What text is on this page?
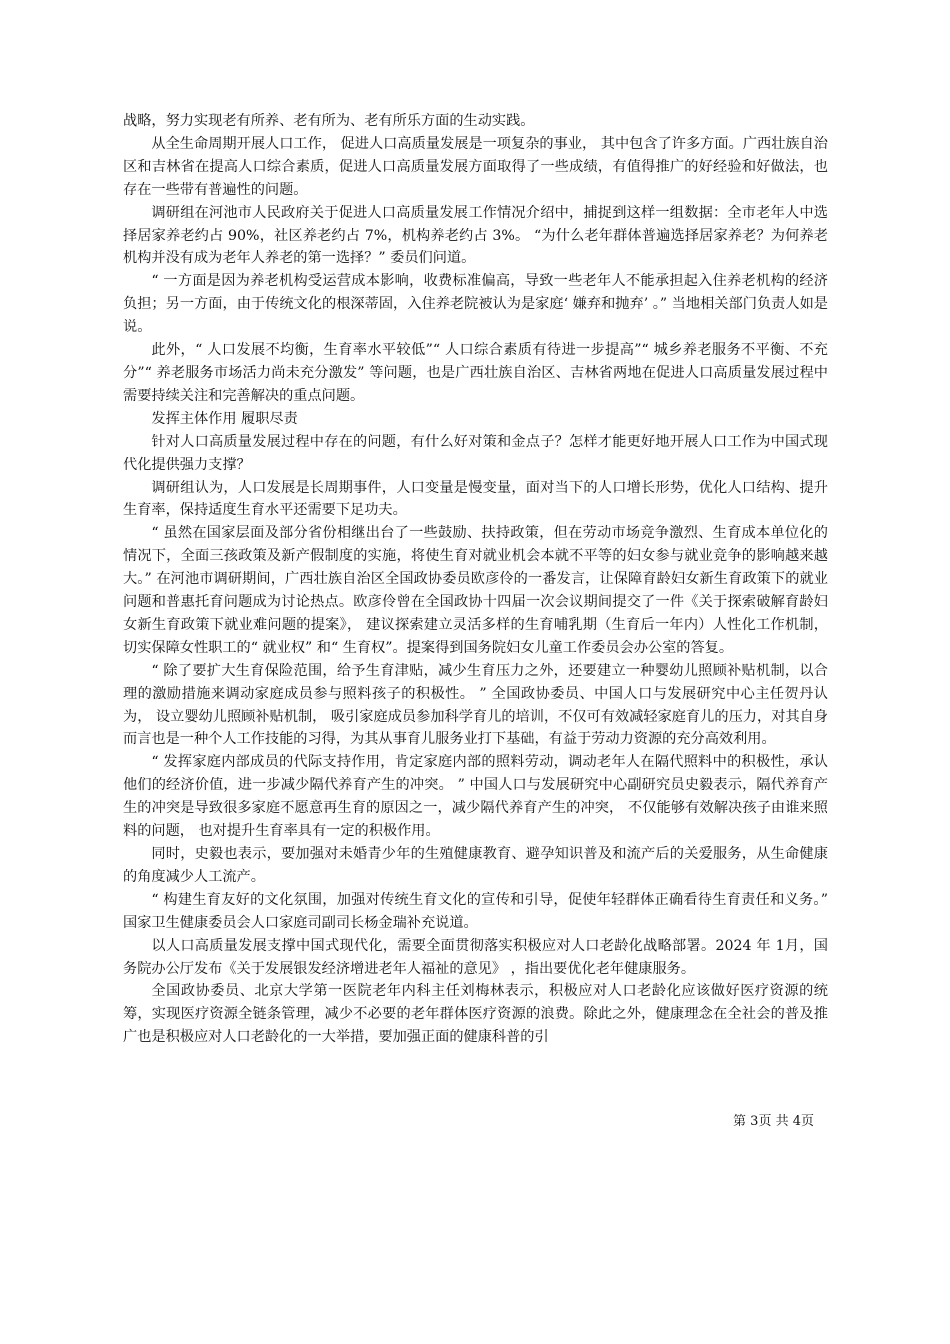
战略，努力实现老有所养、老有所为、老有所乐方面的生动实践。

从全生命周期开展人口工作， 促进人口高质量发展是一项复杂的事业， 其中包含了许多方面。广西壮族自治区和吉林省在提高人口综合素质，促进人口高质量发展方面取得了一些成绩，有值得推广的好经验和好做法，也存在一些带有普遍性的问题。

调研组在河池市人民政府关于促进人口高质量发展工作情况介绍中，捕捉到这样一组数据：全市老年人中选择居家养老约占 90%，社区养老约占 7%，机构养老约占 3%。 “为什么老年群体普遍选择居家养老？为何养老机构并没有成为老年人养老的第一选择？” 委员们问道。

“ 一方面是因为养老机构受运营成本影响，收费标准偏高，导致一些老年人不能承担起入住养老机构的经济负担；另一方面，由于传统文化的根深蒂固，入住养老院被认为是家庭‘ 嫌弃和抛弃’ 。” 当地相关部门负责人如是说。

此外，“ 人口发展不均衡，生育率水平较低”“ 人口综合素质有待进一步提高”“ 城乡养老服务不平衡、不充分”“ 养老服务市场活力尚未充分激发” 等问题，也是广西壮族自治区、吉林省两地在促进人口高质量发展过程中需要持续关注和完善解决的重点问题。

发挥主体作用 履职尽责

针对人口高质量发展过程中存在的问题，有什么好对策和金点子？怎样才能更好地开展人口工作为中国式现代化提供强力支撑？

调研组认为，人口发展是长周期事件，人口变量是慢变量，面对当下的人口增长形势，优化人口结构、提升生育率，保持适度生育水平还需要下足功夫。

“ 虽然在国家层面及部分省份相继出台了一些鼓励、扶持政策，但在劳动市场竞争激烈、生育成本单位化的情况下，全面三孩政策及新产假制度的实施，将使生育对就业机会本就不平等的妇女参与就业竞争的影响越来越大。” 在河池市调研期间，广西壮族自治区全国政协委员欧彦伶的一番发言，让保障育龄妇女新生育政策下的就业问题和普惠托育问题成为讨论热点。欧彦伶曾在全国政协十四届一次会议期间提交了一件《关于探索破解育龄妇女新生育政策下就业难问题的提案》， 建议探索建立灵活多样的生育哺乳期（生育后一年内）人性化工作机制，切实保障女性职工的“ 就业权” 和“ 生育权”。提案得到国务院妇女儿童工作委员会办公室的答复。

“ 除了要扩大生育保险范围，给予生育津贴，减少生育压力之外，还要建立一种婴幼儿照顾补贴机制，以合理的激励措施来调动家庭成员参与照料孩子的积极性。 ” 全国政协委员、中国人口与发展研究中心主任贺丹认为， 设立婴幼儿照顾补贴机制， 吸引家庭成员参加科学育儿的培训，不仅可有效减轻家庭育儿的压力，对其自身而言也是一种个人工作技能的习得，为其从事育儿服务业打下基础，有益于劳动力资源的充分高效利用。

“ 发挥家庭内部成员的代际支持作用，肯定家庭内部的照料劳动，调动老年人在隔代照料中的积极性，承认他们的经济价值，进一步减少隔代养育产生的冲突。 ” 中国人口与发展研究中心副研究员史毅表示，隔代养育产生的冲突是导致很多家庭不愿意再生育的原因之一，减少隔代养育产生的冲突， 不仅能够有效解决孩子由谁来照料的问题， 也对提升生育率具有一定的积极作用。

同时，史毅也表示，要加强对未婚青少年的生殖健康教育、避孕知识普及和流产后的关爱服务，从生命健康的角度减少人工流产。

“ 构建生育友好的文化氛围，加强对传统生育文化的宣传和引导，促使年轻群体正确看待生育责任和义务。” 国家卫生健康委员会人口家庭司副司长杨金瑞补充说道。

以人口高质量发展支撑中国式现代化，需要全面贯彻落实积极应对人口老龄化战略部署。2024 年 1月，国务院办公厅发布《关于发展银发经济增进老年人福祉的意见》 ，指出要优化老年健康服务。

全国政协委员、北京大学第一医院老年内科主任刘梅林表示，积极应对人口老龄化应该做好医疗资源的统筹，实现医疗资源全链条管理，减少不必要的老年群体医疗资源的浪费。除此之外，健康理念在全社会的普及推广也是积极应对人口老龄化的一大举措，要加强正面的健康科普的引

第 3页 共 4页
